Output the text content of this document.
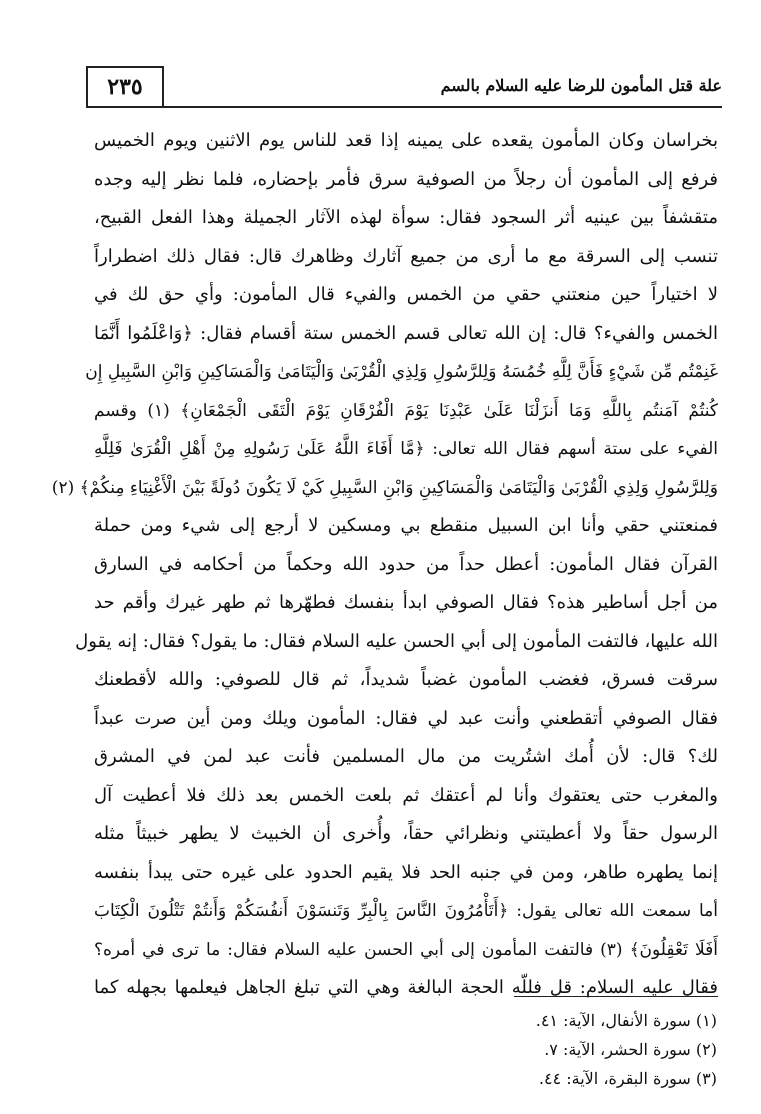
٢٣٥	علة قتل المأمون للرضا عليه السلام بالسم
بخراسان وكان المأمون يقعده على يمينه إذا قعد للناس يوم الاثنين ويوم الخميس
فرفع إلى المأمون أن رجلاً من الصوفية سرق فأمر بإحضاره، فلما نظر إليه وجده
متقشفاً بين عينيه أثر السجود فقال: سوأة لهذه الآثار الجميلة وهذا الفعل القبيح،
تنسب إلى السرقة مع ما أرى من جميع آثارك وظاهرك قال: فقال ذلك اضطراراً
لا اختياراً حين منعتني حقي من الخمس والفيء قال المأمون: وأي حق لك في
الخمس والفيء؟ قال: إن الله تعالى قسم الخمس ستة أقسام فقال: ﴿وَاعْلَمُوا أَنَّمَا
غَنِمْتُم مِّن شَيْءٍ فَأَنَّ لِلَّهِ خُمُسَهُ وَلِلرَّسُولِ وَلِذِي الْقُرْبَىٰ وَالْيَتَامَىٰ وَالْمَسَاكِينِ وَابْنِ السَّبِيلِ إِن
كُنتُمْ آمَنتُم بِاللَّهِ وَمَا أَنزَلْنَا عَلَىٰ عَبْدِنَا يَوْمَ الْفُرْقَانِ يَوْمَ الْتَقَى الْجَمْعَانِ﴾ (١) وقسم
الفيء على ستة أسهم فقال الله تعالى: ﴿مَّا أَفَاءَ اللَّهُ عَلَىٰ رَسُولِهِ مِنْ أَهْلِ الْقُرَىٰ فَلِلَّهِ
وَلِلرَّسُولِ وَلِذِي الْقُرْبَىٰ وَالْيَتَامَىٰ وَالْمَسَاكِينِ وَابْنِ السَّبِيلِ كَيْ لَا يَكُونَ دُولَةً بَيْنَ الْأَغْنِيَاءِ مِنكُمْ﴾ (٢)
فمنعتني حقي وأنا ابن السبيل منقطع بي ومسكين لا أرجع إلى شيء ومن حملة
القرآن فقال المأمون: أعطل حداً من حدود الله وحكماً من أحكامه في السارق
من أجل أساطير هذه؟ فقال الصوفي ابدأ بنفسك فطهّرها ثم طهر غيرك وأقم حد
الله عليها، فالتفت المأمون إلى أبي الحسن عليه السلام فقال: ما يقول؟ فقال: إنه يقول
سرقت فسرق، فغضب المأمون غضباً شديداً، ثم قال للصوفي: والله لأقطعنك
فقال الصوفي أتقطعني وأنت عبد لي فقال: المأمون ويلك ومن أين صرت عبداً
لك؟ قال: لأن أُمك اشتُريت من مال المسلمين فأنت عبد لمن في المشرق
والمغرب حتى يعتقوك وأنا لم أعتقك ثم بلعت الخمس بعد ذلك فلا أعطيت آل
الرسول حقاً ولا أعطيتني ونظرائي حقاً، وأُخرى أن الخبيث لا يطهر خبيثاً مثله
إنما يطهره طاهر، ومن في جنبه الحد فلا يقيم الحدود على غيره حتى يبدأ بنفسه
أما سمعت الله تعالى يقول: ﴿أَتَأْمُرُونَ النَّاسَ بِالْبِرِّ وَتَنسَوْنَ أَنفُسَكُمْ وَأَنتُمْ تَتْلُونَ الْكِتَابَ
أَفَلَا تَعْقِلُونَ﴾ (٣) فالتفت المأمون إلى أبي الحسن عليه السلام فقال: ما ترى في أمره؟
فقال عليه السلام: قل فللّه الحجة البالغة وهي التي تبلغ الجاهل فيعلمها بجهله كما
(١) سورة الأنفال، الآية: ٤١.
(٢) سورة الحشر، الآية: ٧.
(٣) سورة البقرة، الآية: ٤٤.
